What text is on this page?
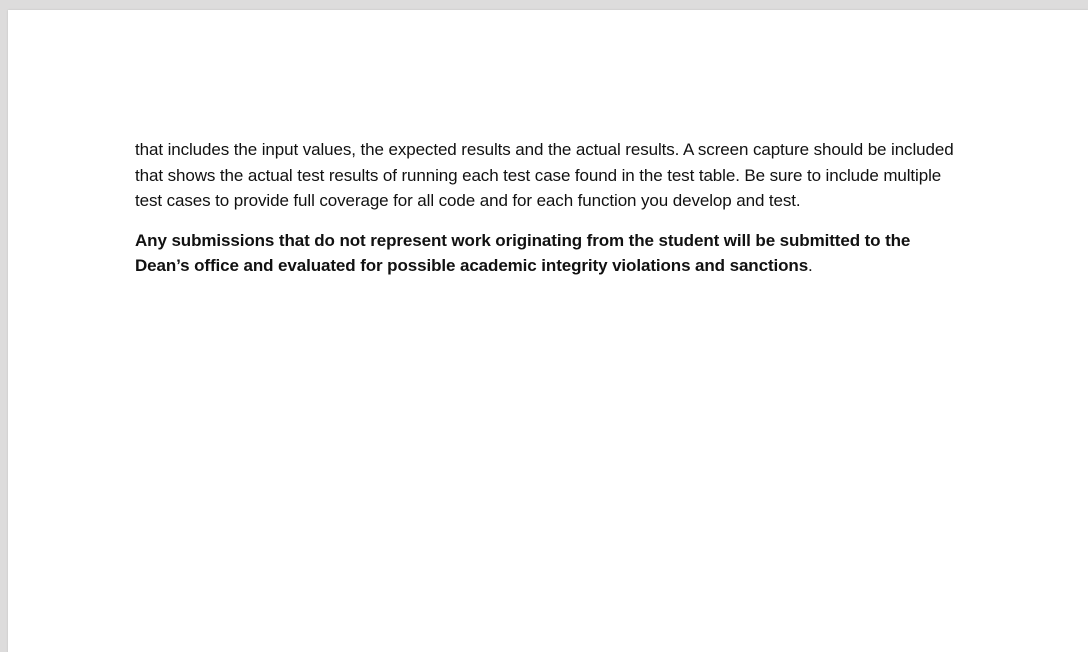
that includes the input values, the expected results and the actual results. A screen capture should be included that shows the actual test results of running each test case found in the test table. Be sure to include multiple test cases to provide full coverage for all code and for each function you develop and test.

Any submissions that do not represent work originating from the student will be submitted to the Dean’s office and evaluated for possible academic integrity violations and sanctions.
